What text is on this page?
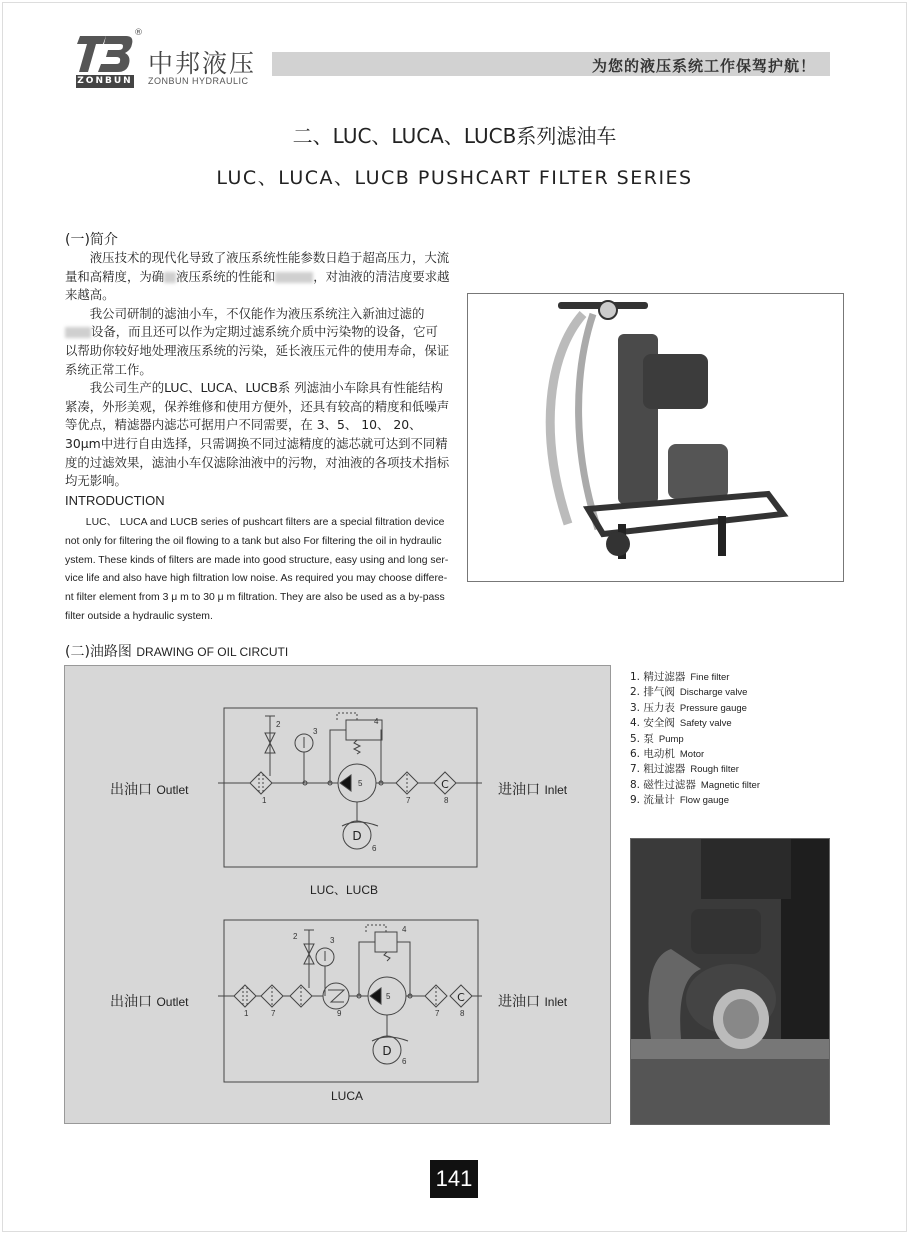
ZONBUN
®
中邦液压
ZONBUN HYDRAULIC
为您的液压系统工作保驾护航！
二、LUC、LUCA、LUCB系列滤油车
LUC、LUCA、LUCB PUSHCART FILTER SERIES
(一)简介

液压技术的现代化导致了液压系统性能参数日趋于超高压力，大流量和高精度，为确 液压系统的性能和	，对油液的清洁度要求越来越高。

我公司研制的滤油小车，不仅能作为液压系统注入新油过滤的设备，而且还可以作为定期过滤系统介质中污染物的设备，它可以帮助你较好地处理液压系统的污染，延长液压元件的使用寿命，保证系统正常工作。

我公司生产的LUC、LUCA、LUCB系 列滤油小车除具有性能结构紧凑，外形美观，保养维修和使用方便外，还具有较高的精度和低噪声等优点，精滤器内滤芯可据用户不同需要，在 3、5、 10、 20、 30μm中进行自由选择，只需调换不同过滤精度的滤芯就可达到不同精度的过滤效果，滤油小车仅滤除油液中的污物，对油液的各项技术指标均无影响。

INTRODUCTION
LUC、 LUCA and LUCB series of pushcart filters are a special filtration device not only for filtering the oil flowing to a tank but also For filtering the oil in hydraulic ystem. These kinds of filters are made into good structure, easy using and long ser-vice life and also have high filtration low noise. As required you may choose differe-nt filter element from 3 μ m to 30 μ m filtration. They are also be used as a by-pass filter outside a hydraulic system.
(二)油路图 DRAWING OF OIL CIRCUTI
1
2
3
4
5
6
7	8
1	7
2	3
4
5
6
7	8
9
D
C
D
C
出油口 Outlet	进油口 Inlet
LUC、LUCB
出油口 Outlet	进油口 Inlet
LUCA
1. 精过滤器 Fine filter
2. 排气阀 Discharge valve
3. 压力表 Pressure gauge
4. 安全阀 Safety valve
5. 泵 Pump
6. 电动机 Motor
7. 粗过滤器 Rough filter
8. 磁性过滤器 Magnetic filter
9. 流量计 Flow gauge
141
